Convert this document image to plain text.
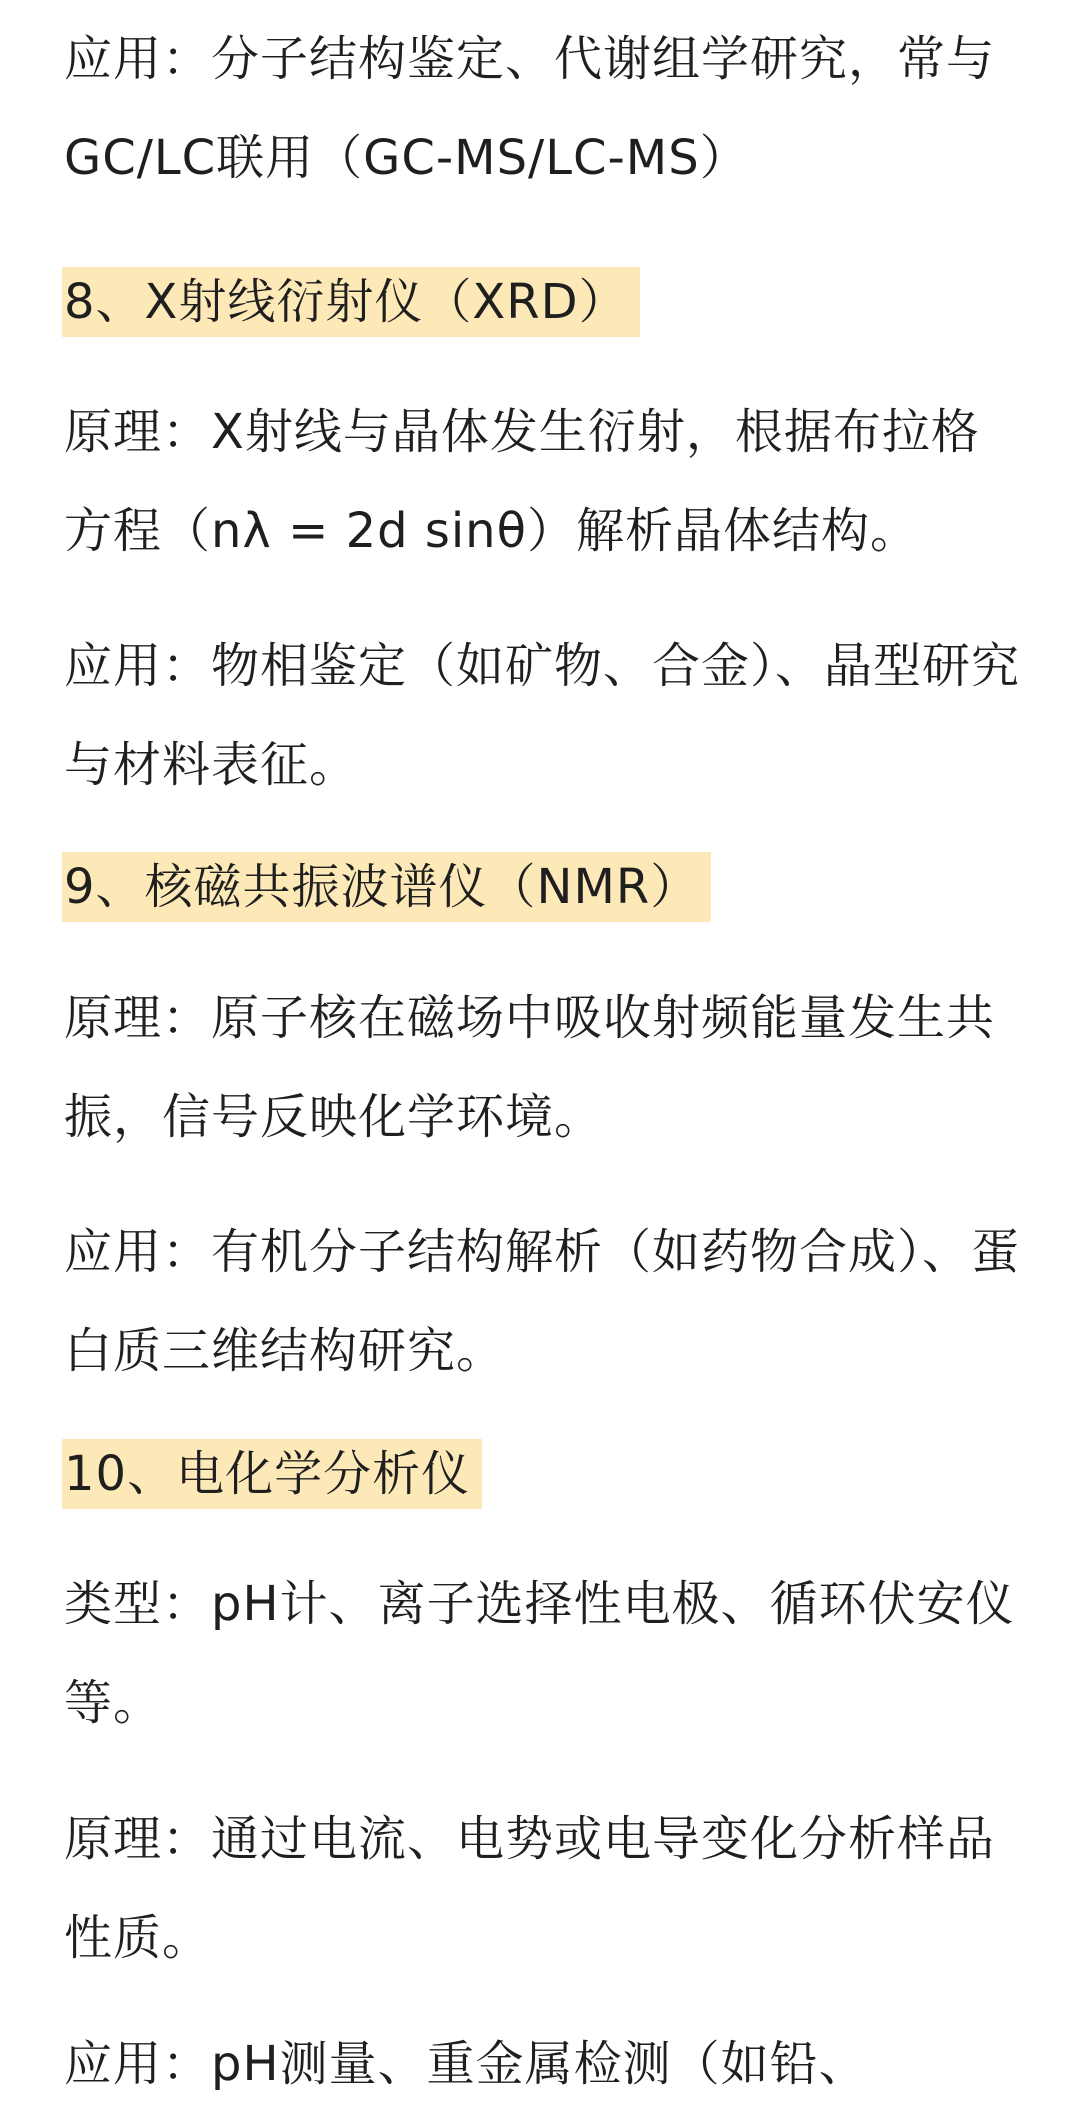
应用：分子结构鉴定、代谢组学研究，常与GC/LC联用（GC-MS/LC-MS）

8、X射线衍射仪（XRD）

原理：X射线与晶体发生衍射，根据布拉格方程（nλ = 2d sinθ）解析晶体结构。

应用：物相鉴定（如矿物、合金）、晶型研究与材料表征。

9、核磁共振波谱仪（NMR）

原理：原子核在磁场中吸收射频能量发生共振，信号反映化学环境。

应用：有机分子结构解析（如药物合成）、蛋白质三维结构研究。

10、电化学分析仪

类型：pH计、离子选择性电极、循环伏安仪等。

原理：通过电流、电势或电导变化分析样品性质。

应用：pH测量、重金属检测（如铅、
